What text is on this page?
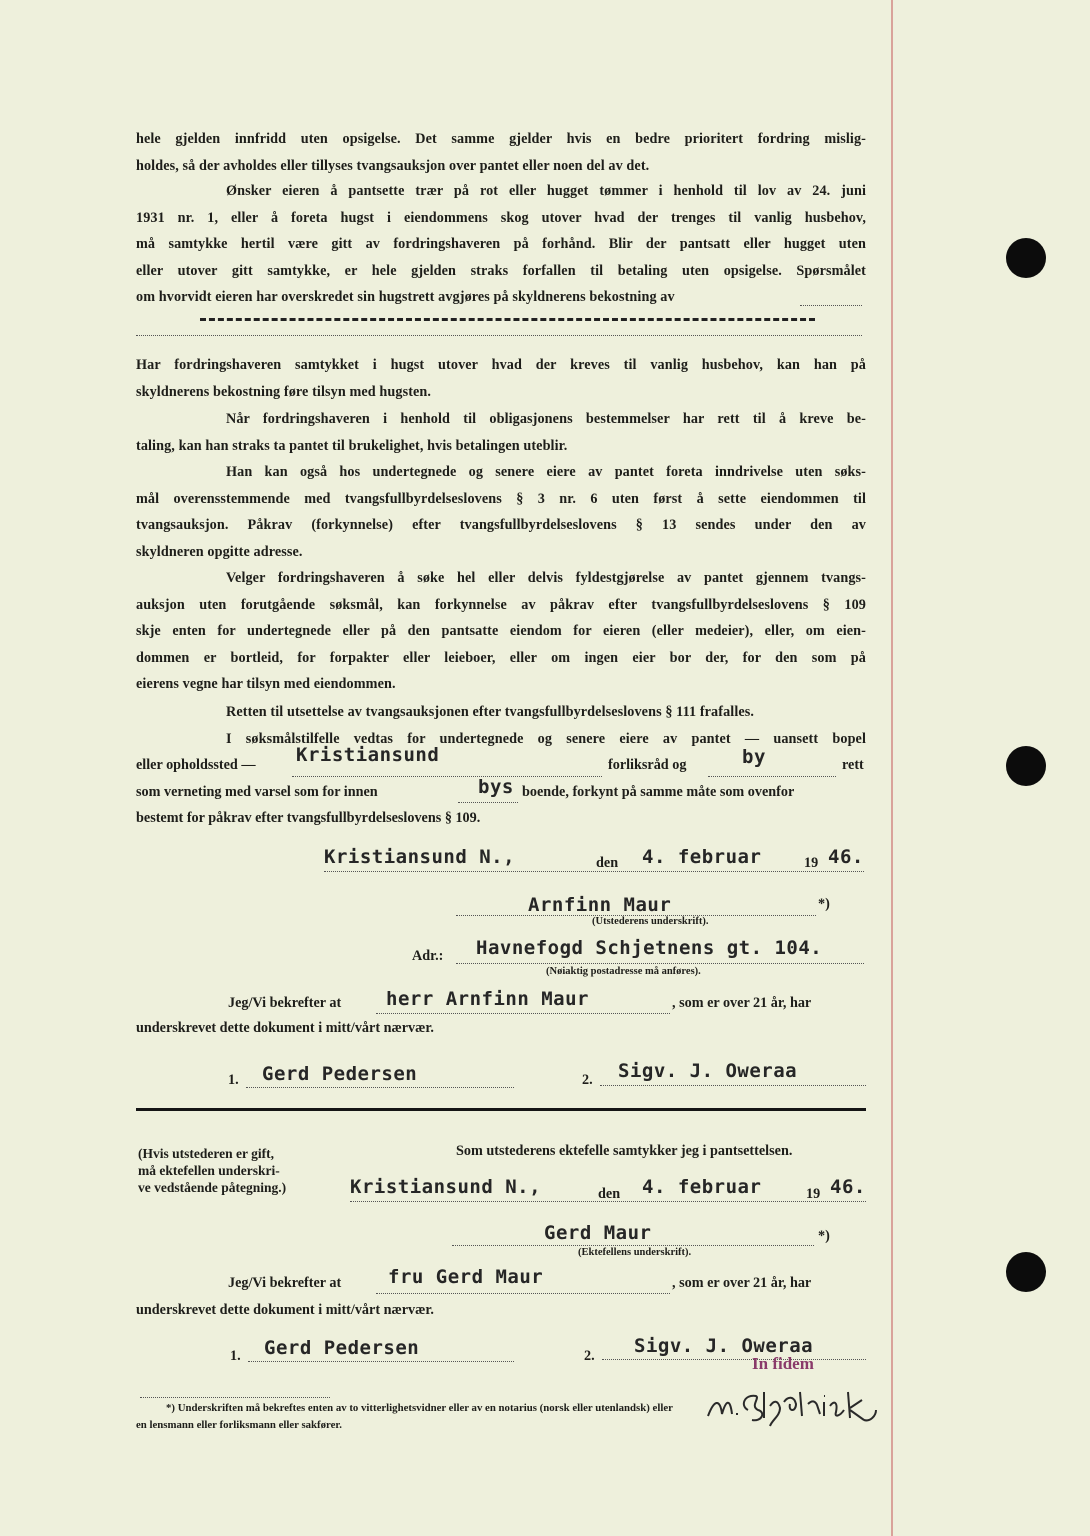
hele gjelden innfridd uten opsigelse. Det samme gjelder hvis en bedre prioritert fordring mislig-
holdes, så der avholdes eller tillyses tvangsauksjon over pantet eller noen del av det.
Ønsker eieren å pantsette trær på rot eller hugget tømmer i henhold til lov av 24. juni
1931 nr. 1, eller å foreta hugst i eiendommens skog utover hvad der trenges til vanlig husbehov,
må samtykke hertil være gitt av fordringshaveren på forhånd. Blir der pantsatt eller hugget uten
eller utover gitt samtykke, er hele gjelden straks forfallen til betaling uten opsigelse. Spørsmålet
om hvorvidt eieren har overskredet sin hugstrett avgjøres på skyldnerens bekostning av
Har fordringshaveren samtykket i hugst utover hvad der kreves til vanlig husbehov, kan han på
skyldnerens bekostning føre tilsyn med hugsten.
Når fordringshaveren i henhold til obligasjonens bestemmelser har rett til å kreve be-
taling, kan han straks ta pantet til brukelighet, hvis betalingen uteblir.
Han kan også hos undertegnede og senere eiere av pantet foreta inndrivelse uten søks-
mål overensstemmende med tvangsfullbyrdelseslovens § 3 nr. 6 uten først å sette eiendommen til
tvangsauksjon. Påkrav (forkynnelse) efter tvangsfullbyrdelseslovens § 13 sendes under den av
skyldneren opgitte adresse.
Velger fordringshaveren å søke hel eller delvis fyldestgjørelse av pantet gjennem tvangs-
auksjon uten forutgående søksmål, kan forkynnelse av påkrav efter tvangsfullbyrdelseslovens § 109
skje enten for undertegnede eller på den pantsatte eiendom for eieren (eller medeier), eller, om eien-
dommen er bortleid, for forpakter eller leieboer, eller om ingen eier bor der, for den som på
eierens vegne har tilsyn med eiendommen.
Retten til utsettelse av tvangsauksjonen efter tvangsfullbyrdelseslovens § 111 frafalles.
I søksmålstilfelle vedtas for undertegnede og senere eiere av pantet — uansett bopel
eller opholdssted — Kristiansund	forliksråd og	by	rett
som verneting med varsel som for innen	bys boende, forkynt på samme måte som ovenfor
bestemt for påkrav efter tvangsfullbyrdelseslovens § 109.
Kristiansund N.,	den 4. februar	19 46.
Arnfinn Maur	*)
(Utstederens underskrift).
Adr.: Havnefogd Schjetnens gt. 104.
(Nøiaktig postadresse må anføres).
Jeg/Vi bekrefter at herr Arnfinn Maur	, som er over 21 år, har
underskrevet dette dokument i mitt/vårt nærvær.
1. Gerd Pedersen	2. Sigv. J. Oweraa
(Hvis utstederen er gift,
må ektefellen underskri-
ve vedstående påtegning.)
Som utstederens ektefelle samtykker jeg i pantsettelsen.
Kristiansund N.,	den 4. februar	19 46.
Gerd Maur	*)
(Ektefellens underskrift).
Jeg/Vi bekrefter at fru Gerd Maur	, som er over 21 år, har
underskrevet dette dokument i mitt/vårt nærvær.
1. Gerd Pedersen	2. Sigv. J. Oweraa
In fidem
*) Underskriften må bekreftes enten av to vitterlighetsvidner eller av en notarius (norsk eller utenlandsk) eller
en lensmann eller forliksmann eller sakfører.
